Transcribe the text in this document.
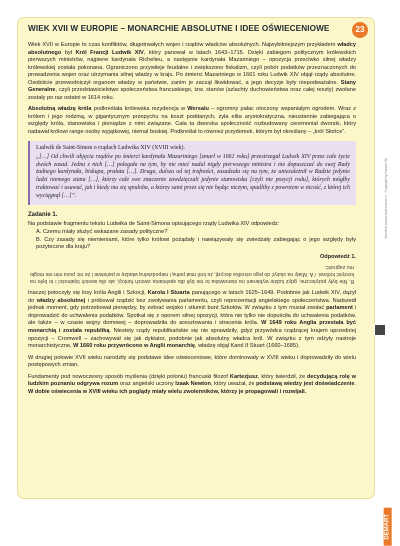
WIEK XVII W EUROPIE – MONARCHIE ABSOLUTNE I IDEE OŚWIECENIOWE	23

Wiek XVII w Europie to czas konfliktów, długotrwałych wojen i rządów władców absolutnych. Najwybitniejszym przykładem władcy absolutnego był Król Francji Ludwik XIV, który panował w latach 1643–1715. Dzięki zabiegom politycznym królewskich pierwszych ministrów, najpierw kardynała Richelieu, a następnie kardynała Mazariniego – opozycja przeciwko silnej władzy królewskiej została pokonana. Ograniczono przywileje feudalne i zwiększono fiskalizm, czyli pobór podatków przeznaczonych do prowadzenia wojen oraz utrzymania silnej władzy w kraju. Po śmierci Mazariniego w 1661 roku Ludwik XIV objął rządy absolutne. Osobiście przewodniczył organom władzy w państwie, zanim je zaczął likwidować, a jego decyzje były niepodważalne. Stany Generalne, czyli przedstawicielstwo społeczeństwa francuskiego, tzw. stanów (szlachty duchowieństwa oraz całej reszty) zwołane zostały po raz ostatni w 1614 roku.

Absolutną władzę króla podkreślała królewska rezydencja w Wersalu – ogromny pałac otoczony wspaniałym ogrodem. Wraz z królem i jego rodziną, w gigantycznym przepychu na koszt poddanych, żyła elita arystokratyczna, nieustannie zabiegająca o względy króla, stanowiska i pieniądze z nimi związane. Cała ta dworska społeczność rozbudowany ceremoniał dworski, który nadawał królowi range osoby wyjątkowej, niemal boskiej. Podkreślał to również przydomek, którym był określany – „król Słońce”.

Ludwik de Saint-Simon o rządach Ludwika XIV (XVIII wiek).
„[…] Od chwili objęcia rządów po śmierci kardynała Mazariniego [zmarł w 1661 roku] przestrzegał Ludwik XIV przez całe życie dwóch zasad. Jedna z nich […] polegała na tym, by nie mieć nadal nigdy pierwszego ministra i nie dopuszczać do swej Rady żadnego kardynała, biskupa, prałata […]. Druga, dalsza od tej trafności, zasadzała się na tym, że uniezależnił w Radzie jedynie ludzi niemego stanu […], którzy całe swe znaczenie zawdzięczali jedynie stanowisku [czyli nie pozycji rodu], których mógłby traktować i usuwać, jak i kiedy mu się spodoba, a którzy sami przez się nie będąc niczym, spadliby z powrotem w nicość, z której ich wyciągnął […]”.
Zadanie 1.
Na podstawie fragmentu tekstu Ludwika de Saint-Simona opisującego rządy Ludwika XIV odpowiedz:
A. Czemu miały służyć wskazane zasady polityczne?
B. Czy zasady się niemieniami, które tylko królowi pożądały i nawiązywały się zwiedzały zabiegając o jego względy były pożyteczne dla kraju?
Odpowiedź 1.
B. Nie były pożyteczne, gdyż ludzie wybierani na stanowiska to nie byli dla spełniania swoich funkcji, ale dla swoich lojalności i to było na korzyść królowi. / A. Miały na służyć do jego ośrodka decyzji, że król miał pełną i niepodzielną władzę w państwie i że nic poza nim nie mogło mu zagrozić.

Inaczej potoczyły się losy króla Anglii i Szkocji, Karola I Stuarta panującego w latach 1625–1649. Podobnie jak Ludwik XIV, dążył do władzy absolutnej i próbował rządzić bez zwoływania parlamentu, czyli reprezentacji angielskiego społeczeństwa. Nadszedł jednak moment, gdy potrzebował pieniędzy, by zebrać wojsko i stłumić bunt Szkotów. W związku z tym musiał zwołać parlament i doprowadzić do uchwalenia podatków. Spotkał się z oporem silnej opozycji, która nie tylko nie dopuściła do uchwalenia podatków, ale także – w czasie wojny domowej – doprowadziła do aresztowania i stracenia króla. W 1649 roku Anglia przestała być monarchią i została republiką. Niestety rządy republikańskie się nie sprawdziły, gdyż przywódca rządzącej krajem uprzedniej opozycji – Cromwell – zachowywał się jak dyktator, podobnie jak absolutny władca król. W związku z tym odżyły nastroje monarchistyczne, W 1660 roku przywrócono w Anglii monarchię, władzę objął Karol II Stuart (1660–1685).

W drugiej połowie XVII wieku narodziły się podstawe idee oświeceniowe, które dominowały w XVIII wieku i doprowadziły do wielu postępowych zmian.

Fundamenty pod nowoczesny sposób myślenia (dzięki poloniu) francuski filozof Kartezjusz, który twierdził, że decydującą rolę w ludzkim poznaniu odgrywa rozum oraz angielski uczony Izaak Newton, który uważał, że podstawą wiedzy jest doświadczenie. W dobie oświecenia w XVIII wieku ich poglądy miały wielu zwolenników, którzy je propagowali i rozwijali.

Wszelkie prawa zastrzeżone © Copyright by Demart SA
DEMART
